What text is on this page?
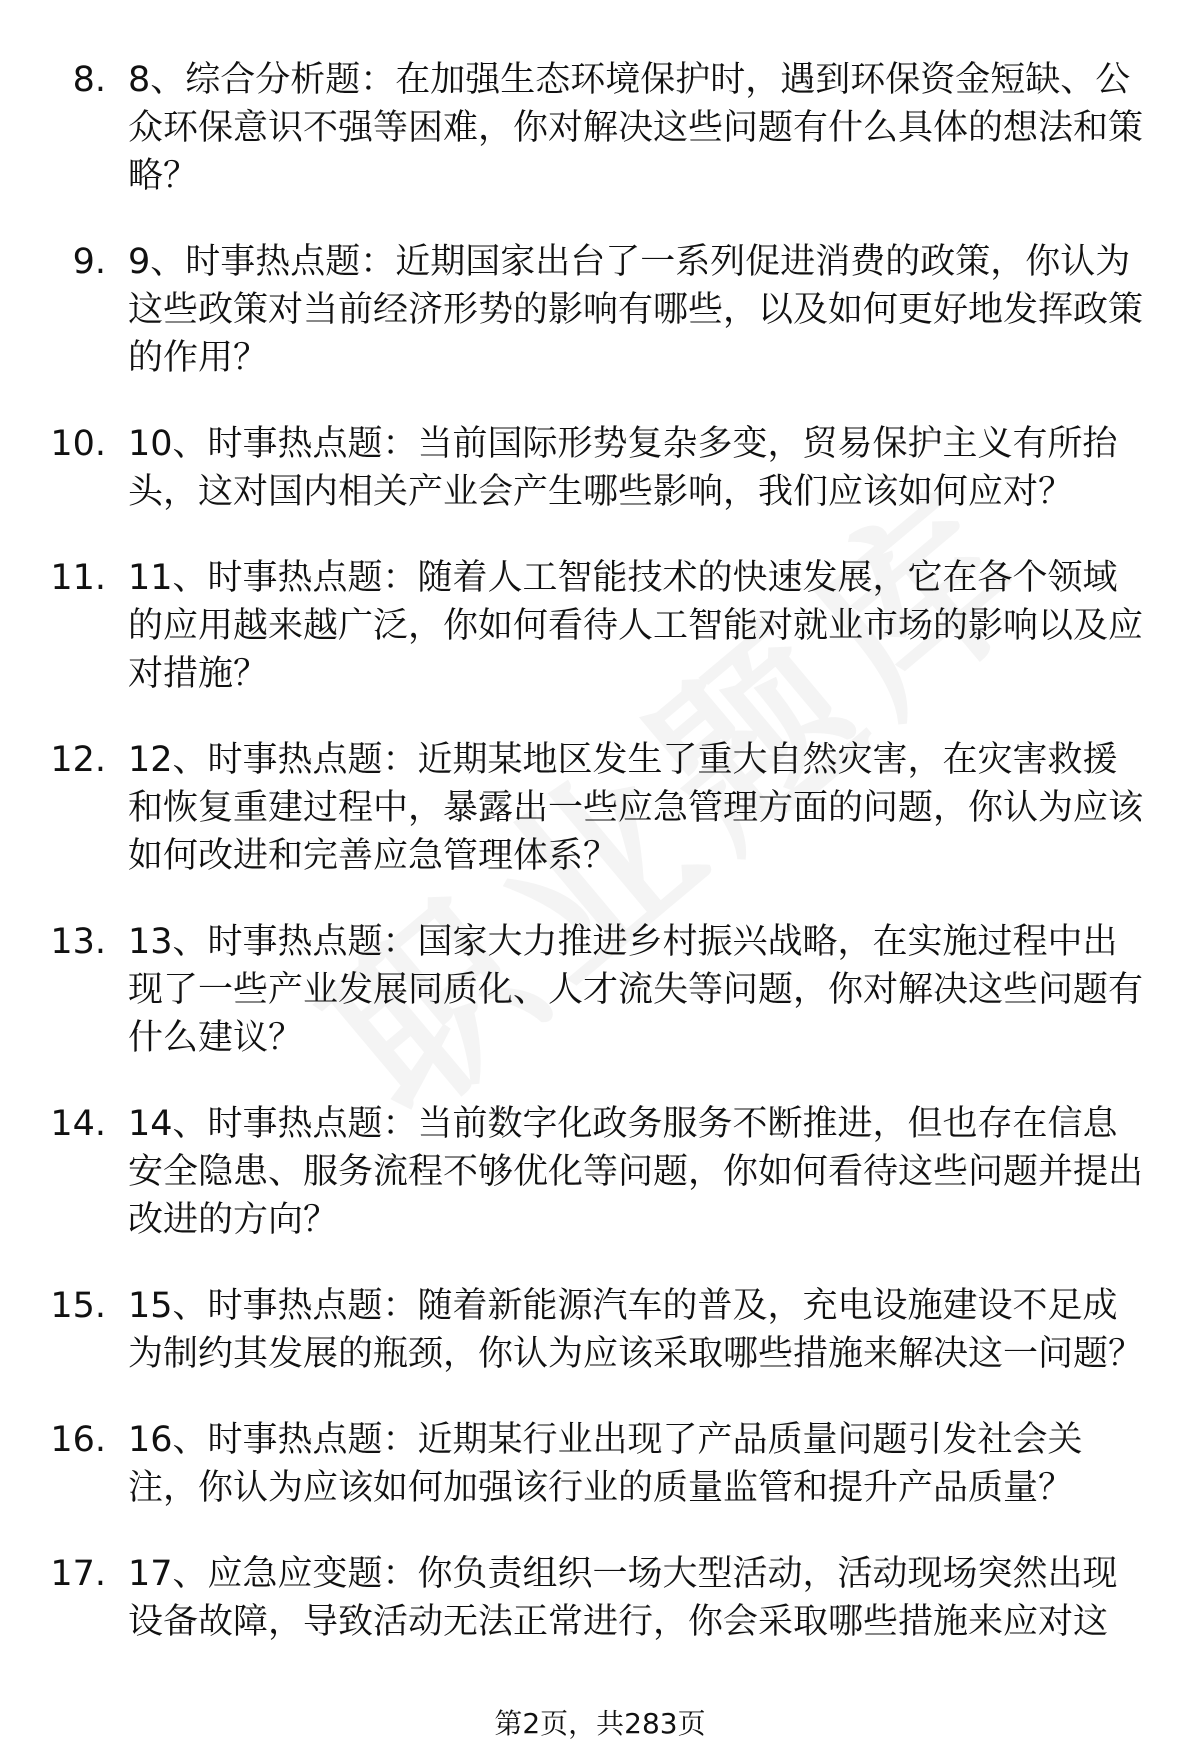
8. 8、综合分析题：在加强生态环境保护时，遇到环保资金短缺、公众环保意识不强等困难，你对解决这些问题有什么具体的想法和策略？
9. 9、时事热点题：近期国家出台了一系列促进消费的政策，你认为这些政策对当前经济形势的影响有哪些，以及如何更好地发挥政策的作用？
10. 10、时事热点题：当前国际形势复杂多变，贸易保护主义有所抬头，这对国内相关产业会产生哪些影响，我们应该如何应对？
11. 11、时事热点题：随着人工智能技术的快速发展，它在各个领域的应用越来越广泛，你如何看待人工智能对就业市场的影响以及应对措施？
12. 12、时事热点题：近期某地区发生了重大自然灾害，在灾害救援和恢复重建过程中，暴露出一些应急管理方面的问题，你认为应该如何改进和完善应急管理体系？
13. 13、时事热点题：国家大力推进乡村振兴战略，在实施过程中出现了一些产业发展同质化、人才流失等问题，你对解决这些问题有什么建议？
14. 14、时事热点题：当前数字化政务服务不断推进，但也存在信息安全隐患、服务流程不够优化等问题，你如何看待这些问题并提出改进的方向？
15. 15、时事热点题：随着新能源汽车的普及，充电设施建设不足成为制约其发展的瓶颈，你认为应该采取哪些措施来解决这一问题？
16. 16、时事热点题：近期某行业出现了产品质量问题引发社会关注，你认为应该如何加强该行业的质量监管和提升产品质量？
17. 17、应急应变题：你负责组织一场大型活动，活动现场突然出现设备故障，导致活动无法正常进行，你会采取哪些措施来应对这
第2页，共283页
